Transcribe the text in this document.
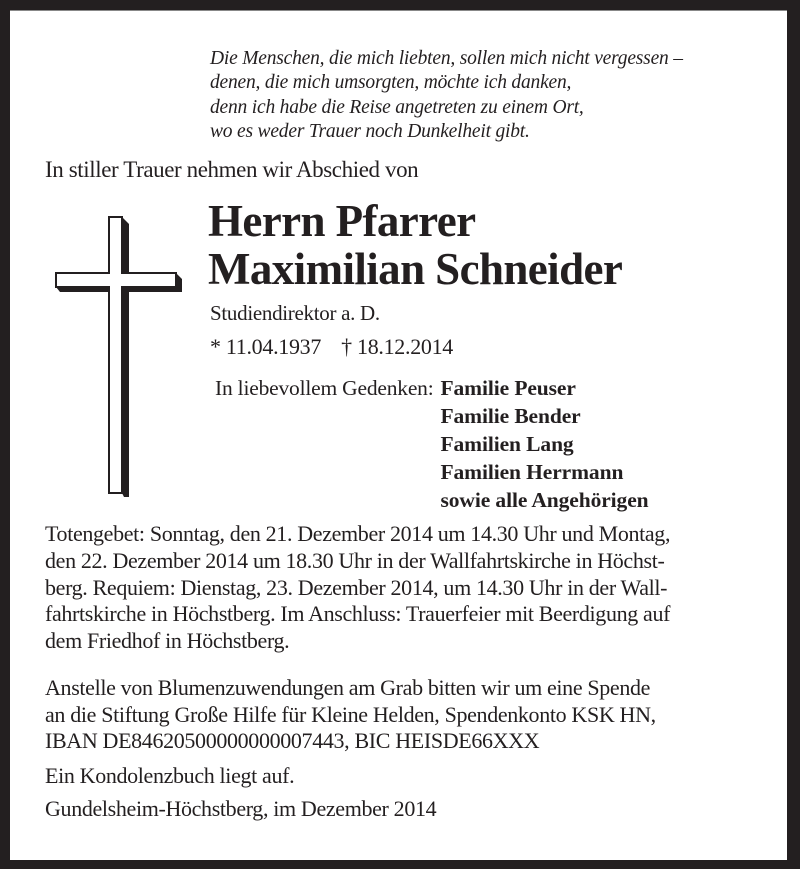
Die Menschen, die mich liebten, sollen mich nicht vergessen –
denen, die mich umsorgten, möchte ich danken,
denn ich habe die Reise angetreten zu einem Ort,
wo es weder Trauer noch Dunkelheit gibt.
In stiller Trauer nehmen wir Abschied von
Herrn Pfarrer
Maximilian Schneider
Studiendirektor a. D.
* 11.04.1937 † 18.12.2014
In liebevollem Gedenken: Familie Peuser
Familie Bender
Familien Lang
Familien Herrmann
sowie alle Angehörigen
Totengebet: Sonntag, den 21. Dezember 2014 um 14.30 Uhr und Montag,
den 22. Dezember 2014 um 18.30 Uhr in der Wallfahrtskirche in Höchst-
berg. Requiem: Dienstag, 23. Dezember 2014, um 14.30 Uhr in der Wall-
fahrtskirche in Höchstberg. Im Anschluss: Trauerfeier mit Beerdigung auf
dem Friedhof in Höchstberg.
Anstelle von Blumenzuwendungen am Grab bitten wir um eine Spende
an die Stiftung Große Hilfe für Kleine Helden, Spendenkonto KSK HN,
IBAN DE84620500000000007443, BIC HEISDE66XXX
Ein Kondolenzbuch liegt auf.
Gundelsheim-Höchstberg, im Dezember 2014
